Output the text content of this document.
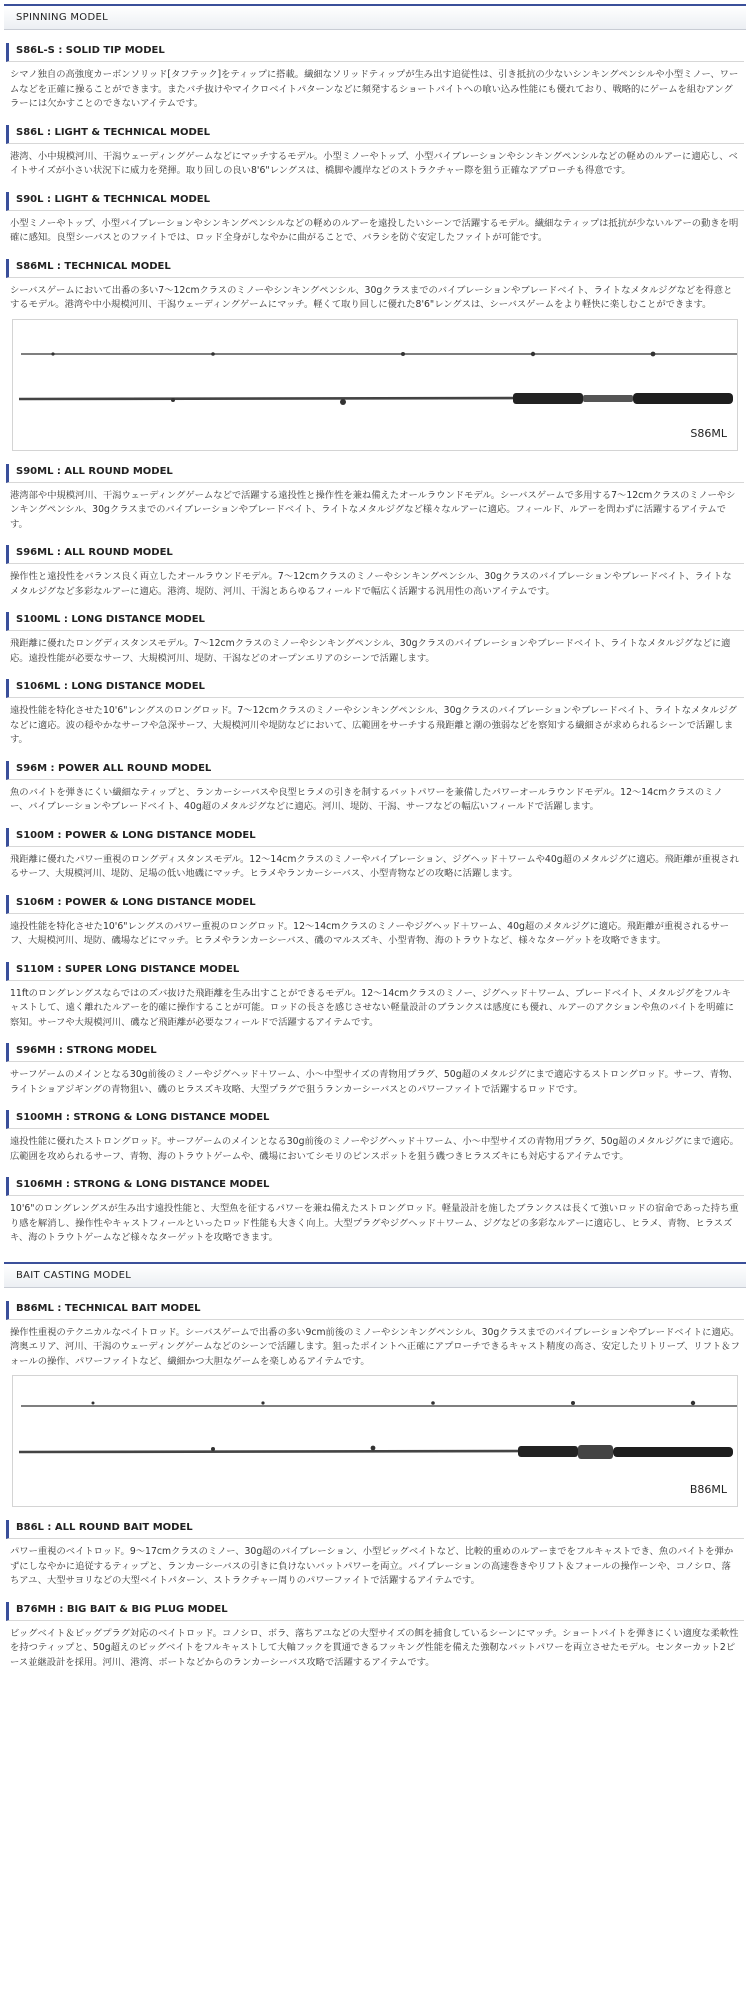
SPINNING MODEL
S86L-S : SOLID TIP MODEL
シマノ独自の高強度カーボンソリッド[タフテック]をティップに搭載。繊細なソリッドティップが生み出す追従性は、引き抵抗の少ないシンキングペンシルや小型ミノー、ワームなどを正確に操ることができます。またバチ抜けやマイクロベイトパターンなどに頻発するショートバイトへの喰い込み性能にも優れており、戦略的にゲームを組むアングラーには欠かすことのできないアイテムです。
S86L : LIGHT & TECHNICAL MODEL
港湾、小中規模河川、干潟ウェーディングゲームなどにマッチするモデル。小型ミノーやトップ、小型バイブレーションやシンキングペンシルなどの軽めのルアーに適応し、ベイトサイズが小さい状況下に威力を発揮。取り回しの良い8'6"レングスは、橋脚や護岸などのストラクチャー際を狙う正確なアプローチも得意です。
S90L : LIGHT & TECHNICAL MODEL
小型ミノーやトップ、小型バイブレーションやシンキングペンシルなどの軽めのルアーを遠投したいシーンで活躍するモデル。繊細なティップは抵抗が少ないルアーの動きを明確に感知。良型シーバスとのファイトでは、ロッド全身がしなやかに曲がることで、バラシを防ぐ安定したファイトが可能です。
S86ML : TECHNICAL MODEL
シーバスゲームにおいて出番の多い7〜12cmクラスのミノーやシンキングペンシル、30gクラスまでのバイブレーションやブレードベイト、ライトなメタルジグなどを得意とするモデル。港湾や中小規模河川、干潟ウェーディングゲームにマッチ。軽くて取り回しに優れた8'6"レングスは、シーバスゲームをより軽快に楽しむことができます。
S86ML
S90ML : ALL ROUND MODEL
港湾部や中規模河川、干潟ウェーディングゲームなどで活躍する遠投性と操作性を兼ね備えたオールラウンドモデル。シーバスゲームで多用する7〜12cmクラスのミノーやシンキングペンシル、30gクラスまでのバイブレーションやブレードベイト、ライトなメタルジグなど様々なルアーに適応。フィールド、ルアーを問わずに活躍するアイテムです。
S96ML : ALL ROUND MODEL
操作性と遠投性をバランス良く両立したオールラウンドモデル。7〜12cmクラスのミノーやシンキングペンシル、30gクラスのバイブレーションやブレードベイト、ライトなメタルジグなど多彩なルアーに適応。港湾、堤防、河川、干潟とあらゆるフィールドで幅広く活躍する汎用性の高いアイテムです。
S100ML : LONG DISTANCE MODEL
飛距離に優れたロングディスタンスモデル。7〜12cmクラスのミノーやシンキングペンシル、30gクラスのバイブレーションやブレードベイト、ライトなメタルジグなどに適応。遠投性能が必要なサーフ、大規模河川、堤防、干潟などのオープンエリアのシーンで活躍します。
S106ML : LONG DISTANCE MODEL
遠投性能を特化させた10'6"レングスのロングロッド。7〜12cmクラスのミノーやシンキングペンシル、30gクラスのバイブレーションやブレードベイト、ライトなメタルジグなどに適応。波の穏やかなサーフや急深サーフ、大規模河川や堤防などにおいて、広範囲をサーチする飛距離と潮の強弱などを察知する繊細さが求められるシーンで活躍します。
S96M : POWER ALL ROUND MODEL
魚のバイトを弾きにくい繊細なティップと、ランカーシーバスや良型ヒラメの引きを制するバットパワーを兼備したパワーオールラウンドモデル。12〜14cmクラスのミノー、バイブレーションやブレードベイト、40g超のメタルジグなどに適応。河川、堤防、干潟、サーフなどの幅広いフィールドで活躍します。
S100M : POWER & LONG DISTANCE MODEL
飛距離に優れたパワー重視のロングディスタンスモデル。12〜14cmクラスのミノーやバイブレーション、ジグヘッド＋ワームや40g超のメタルジグに適応。飛距離が重視されるサーフ、大規模河川、堤防、足場の低い地磯にマッチ。ヒラメやランカーシーバス、小型青物などの攻略に活躍します。
S106M : POWER & LONG DISTANCE MODEL
遠投性能を特化させた10'6"レングスのパワー重視のロングロッド。12〜14cmクラスのミノーやジグヘッド＋ワーム、40g超のメタルジグに適応。飛距離が重視されるサーフ、大規模河川、堤防、磯場などにマッチ。ヒラメやランカーシーバス、磯のマルスズキ、小型青物、海のトラウトなど、様々なターゲットを攻略できます。
S110M : SUPER LONG DISTANCE MODEL
11ftのロングレングスならではのズバ抜けた飛距離を生み出すことができるモデル。12〜14cmクラスのミノー、ジグヘッド＋ワーム、ブレードベイト、メタルジグをフルキャストして、遠く離れたルアーを的確に操作することが可能。ロッドの長さを感じさせない軽量設計のブランクスは感度にも優れ、ルアーのアクションや魚のバイトを明確に察知。サーフや大規模河川、磯など飛距離が必要なフィールドで活躍するアイテムです。
S96MH : STRONG MODEL
サーフゲームのメインとなる30g前後のミノーやジグヘッド＋ワーム、小〜中型サイズの青物用プラグ、50g超のメタルジグにまで適応するストロングロッド。サーフ、青物、ライトショアジギングの青物狙い、磯のヒラスズキ攻略、大型プラグで狙うランカーシーバスとのパワーファイトで活躍するロッドです。
S100MH : STRONG & LONG DISTANCE MODEL
遠投性能に優れたストロングロッド。サーフゲームのメインとなる30g前後のミノーやジグヘッド＋ワーム、小〜中型サイズの青物用プラグ、50g超のメタルジグにまで適応。広範囲を攻められるサーフ、青物、海のトラウトゲームや、磯場においてシモリのピンスポットを狙う磯つきヒラスズキにも対応するアイテムです。
S106MH : STRONG & LONG DISTANCE MODEL
10'6"のロングレングスが生み出す遠投性能と、大型魚を征するパワーを兼ね備えたストロングロッド。軽量設計を施したブランクスは長くて強いロッドの宿命であった持ち重り感を解消し、操作性やキャストフィールといったロッド性能も大きく向上。大型プラグやジグヘッド＋ワーム、ジグなどの多彩なルアーに適応し、ヒラメ、青物、ヒラスズキ、海のトラウトゲームなど様々なターゲットを攻略できます。
BAIT CASTING MODEL
B86ML : TECHNICAL BAIT MODEL
操作性重視のテクニカルなベイトロッド。シーバスゲームで出番の多い9cm前後のミノーやシンキングペンシル、30gクラスまでのバイブレーションやブレードベイトに適応。湾奥エリア、河川、干潟のウェーディングゲームなどのシーンで活躍します。狙ったポイントへ正確にアプローチできるキャスト精度の高さ、安定したリトリーブ、リフト＆フォールの操作、パワーファイトなど、繊細かつ大胆なゲームを楽しめるアイテムです。
B86ML
B86L : ALL ROUND BAIT MODEL
パワー重視のベイトロッド。9〜17cmクラスのミノー、30g超のバイブレーション、小型ビッグベイトなど、比較的重めのルアーまでをフルキャストでき、魚のバイトを弾かずにしなやかに追従するティップと、ランカーシーバスの引きに負けないバットパワーを両立。バイブレーションの高速巻きやリフト＆フォールの操作ーンや、コノシロ、落ちアユ、大型サヨリなどの大型ベイトパターン、ストラクチャー周りのパワーファイトで活躍するアイテムです。
B76MH : BIG BAIT & BIG PLUG MODEL
ビッグベイト＆ビッグプラグ対応のベイトロッド。コノシロ、ボラ、落ちアユなどの大型サイズの餌を捕食しているシーンにマッチ。ショートバイトを弾きにくい適度な柔軟性を持つティップと、50g超えのビッグベイトをフルキャストして大軸フックを貫通できるフッキング性能を備えた強靭なバットパワーを両立させたモデル。センターカット2ピース並継設計を採用。河川、港湾、ボートなどからのランカーシーバス攻略で活躍するアイテムです。
